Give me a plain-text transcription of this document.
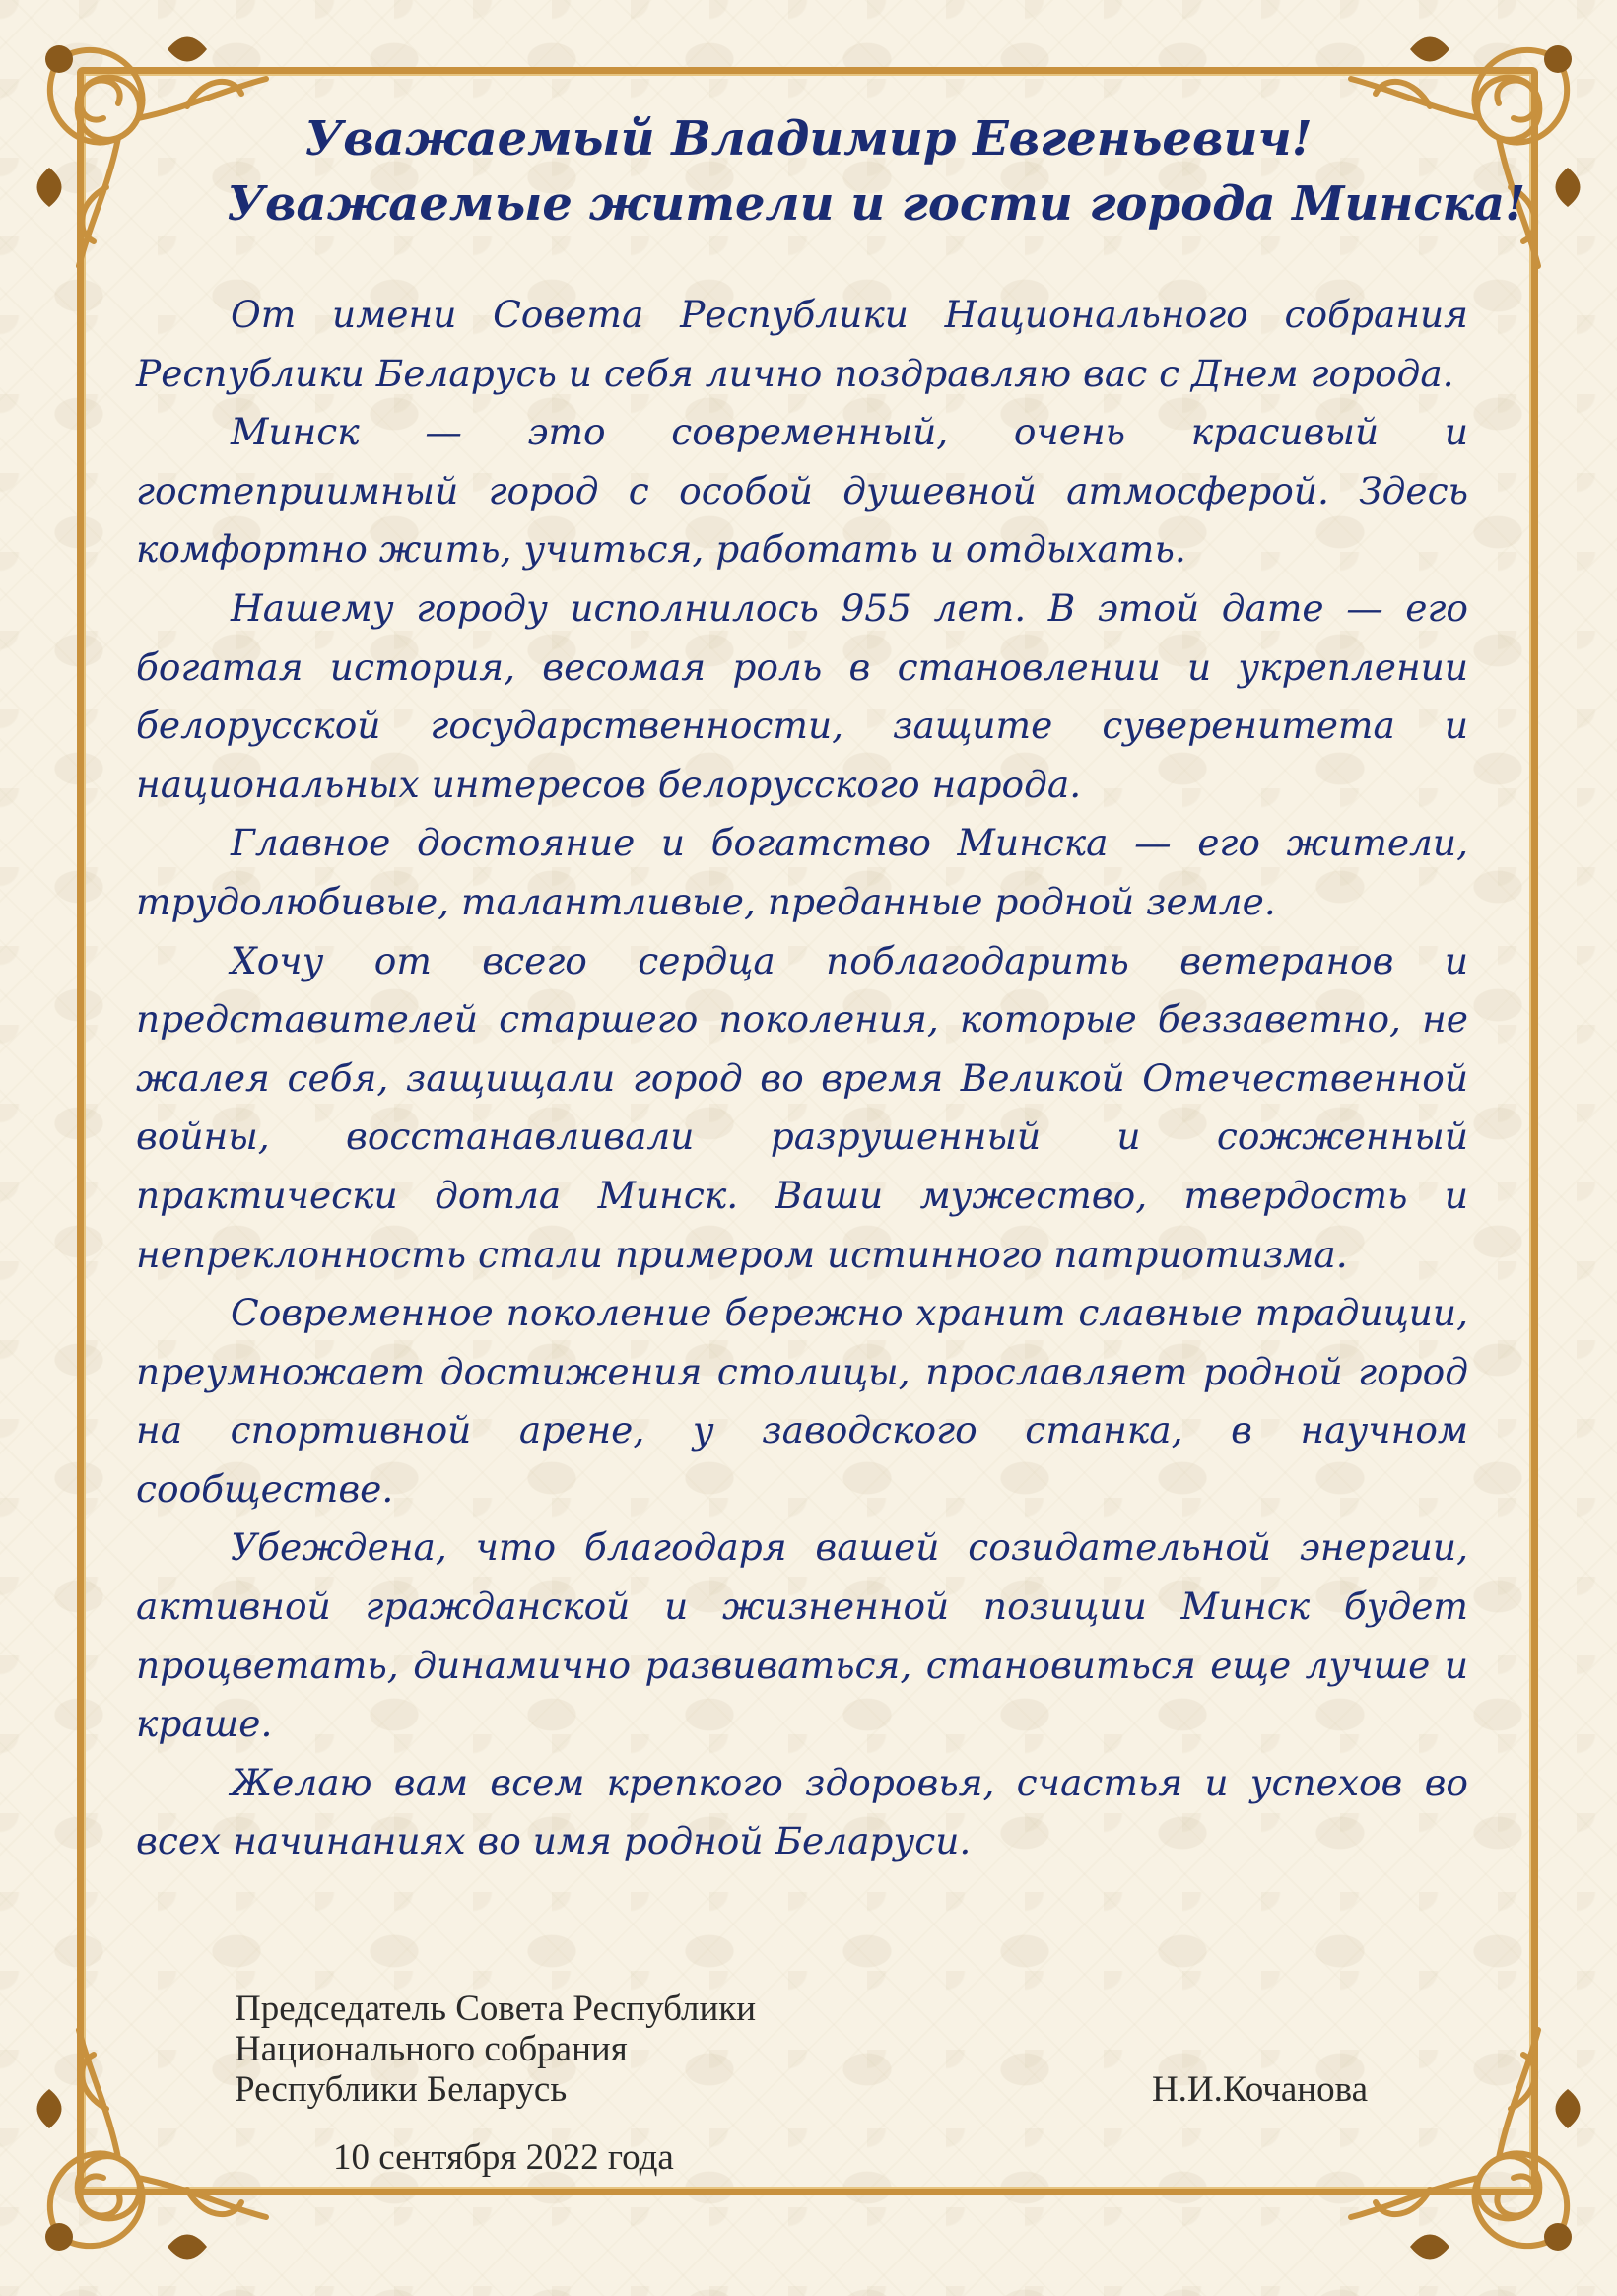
Уважаемый Владимир Евгеньевич!
Уважаемые жители и гости города Минска!

От имени Совета Республики Национального собрания Республики Беларусь и себя лично поздравляю вас с Днем города.

Минск — это современный, очень красивый и гостеприимный город с особой душевной атмосферой. Здесь комфортно жить, учиться, работать и отдыхать.

Нашему городу исполнилось 955 лет. В этой дате — его богатая история, весомая роль в становлении и укреплении белорусской государственности, защите суверенитета и национальных интересов белорусского народа.

Главное достояние и богатство Минска — его жители, трудолюбивые, талантливые, преданные родной земле.

Хочу от всего сердца поблагодарить ветеранов и представителей старшего поколения, которые беззаветно, не жалея себя, защищали город во время Великой Отечественной войны, восстанавливали разрушенный и сожженный практически дотла Минск. Ваши мужество, твердость и непреклонность стали примером истинного патриотизма.

Современное поколение бережно хранит славные традиции, преумножает достижения столицы, прославляет родной город на спортивной арене, у заводского станка, в научном сообществе.

Убеждена, что благодаря вашей созидательной энергии, активной гражданской и жизненной позиции Минск будет процветать, динамично развиваться, становиться еще лучше и краше.

Желаю вам всем крепкого здоровья, счастья и успехов во всех начинаниях во имя родной Беларуси.

Председатель Совета Республики
Национального собрания
Республики Беларусь	Н.И.Кочанова
10 сентября 2022 года
